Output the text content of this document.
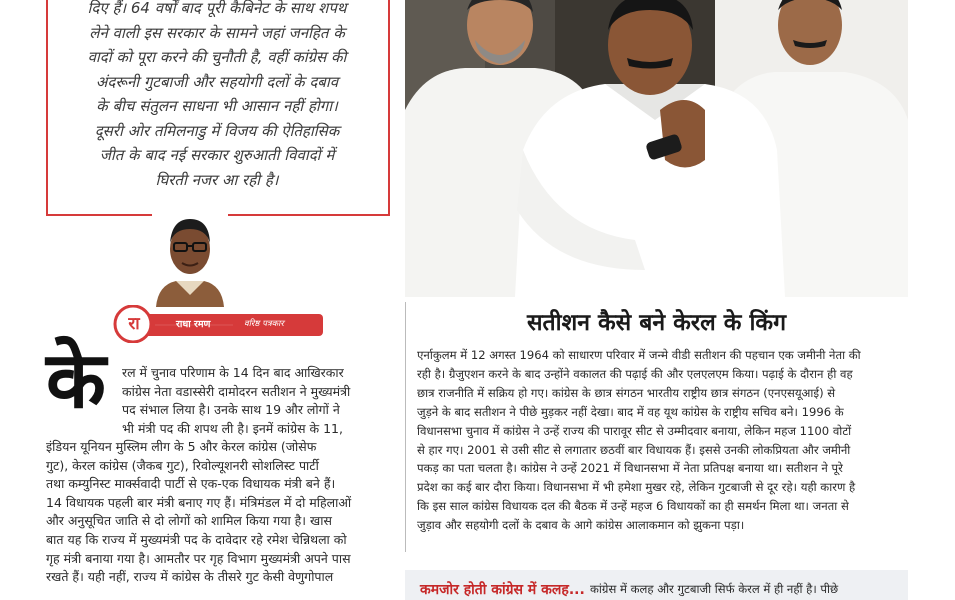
दिए हैं। 64 वर्षों बाद पूरी कैबिनेट के साथ शपथ
लेने वाली इस सरकार के सामने जहां जनहित के
वादों को पूरा करने की चुनौती है, वहीं कांग्रेस की
अंदरूनी गुटबाजी और सहयोगी दलों के दबाव
के बीच संतुलन साधना भी आसान नहीं होगा।
दूसरी ओर तमिलनाडु में विजय की ऐतिहासिक
जीत के बाद नई सरकार शुरुआती विवादों में
घिरती नजर आ रही है।
रा	राधा रमण	वरिष्ठ पत्रकार
के रल में चुनाव परिणाम के 14 दिन बाद आखिरकार
कांग्रेस नेता वडास्सेरी दामोदरन सतीशन ने मुख्यमंत्री
पद संभाल लिया है। उनके साथ 19 और लोगों ने
भी मंत्री पद की शपथ ली है। इनमें कांग्रेस के 11,
इंडियन यूनियन मुस्लिम लीग के 5 और केरल कांग्रेस (जोसेफ
गुट), केरल कांग्रेस (जैकब गुट), रिवोल्यूशनरी सोशलिस्ट पार्टी
तथा कम्युनिस्ट मार्क्सवादी पार्टी से एक-एक विधायक मंत्री बने हैं।
14 विधायक पहली बार मंत्री बनाए गए हैं। मंत्रिमंडल में दो महिलाओं
और अनुसूचित जाति से दो लोगों को शामिल किया गया है। खास
बात यह कि राज्य में मुख्यमंत्री पद के दावेदार रहे रमेश चेन्निथला को
गृह मंत्री बनाया गया है। आमतौर पर गृह विभाग मुख्यमंत्री अपने पास
रखते हैं। यही नहीं, राज्य में कांग्रेस के तीसरे गुट केसी वेणुगोपाल
सतीशन कैसे बने केरल के किंग
एर्नाकुलम में 12 अगस्त 1964 को साधारण परिवार में जन्मे वीडी सतीशन की पहचान एक जमीनी नेता की
रही है। ग्रैजुएशन करने के बाद उन्होंने वकालत की पढ़ाई की और एलएलएम किया। पढ़ाई के दौरान ही वह
छात्र राजनीति में सक्रिय हो गए। कांग्रेस के छात्र संगठन भारतीय राष्ट्रीय छात्र संगठन (एनएसयूआई) से
जुड़ने के बाद सतीशन ने पीछे मुड़कर नहीं देखा। बाद में वह यूथ कांग्रेस के राष्ट्रीय सचिव बने। 1996 के
विधानसभा चुनाव में कांग्रेस ने उन्हें राज्य की पारावूर सीट से उम्मीदवार बनाया, लेकिन महज 1100 वोटों
से हार गए। 2001 से उसी सीट से लगातार छठवीं बार विधायक हैं। इससे उनकी लोकप्रियता और जमीनी
पकड़ का पता चलता है। कांग्रेस ने उन्हें 2021 में विधानसभा में नेता प्रतिपक्ष बनाया था। सतीशन ने पूरे
प्रदेश का कई बार दौरा किया। विधानसभा में भी हमेशा मुखर रहे, लेकिन गुटबाजी से दूर रहे। यही कारण है
कि इस साल कांग्रेस विधायक दल की बैठक में उन्हें महज 6 विधायकों का ही समर्थन मिला था। जनता से
जुड़ाव और सहयोगी दलों के दबाव के आगे कांग्रेस आलाकमान को झुकना पड़ा।
कमजोर होती कांग्रेस में कलह... कांग्रेस में कलह और गुटबाजी सिर्फ केरल में ही नहीं है। पीछे
